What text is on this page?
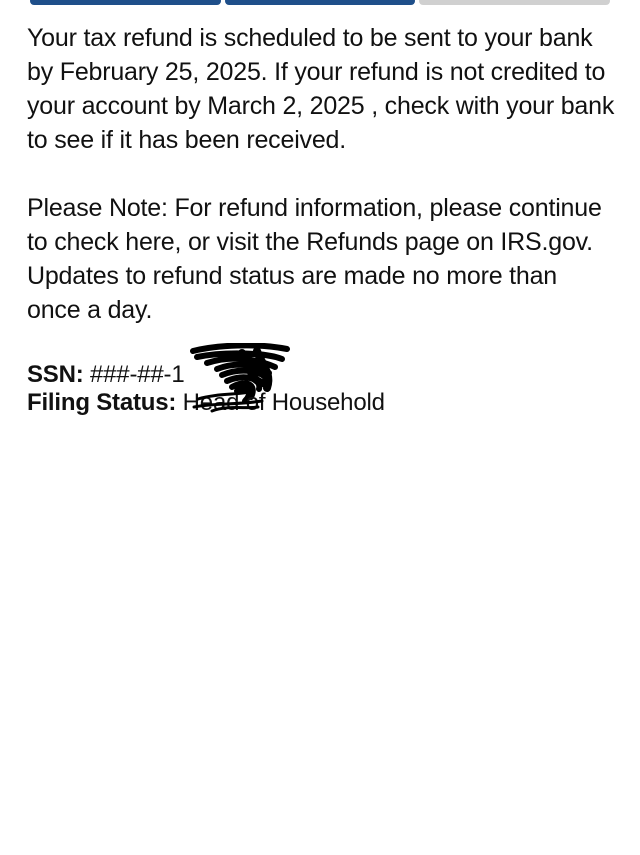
Your tax refund is scheduled to be sent to your bank by February 25, 2025. If your refund is not credited to your account by March 2, 2025 , check with your bank to see if it has been received.

Please Note: For refund information, please continue to check here, or visit the Refunds page on IRS.gov. Updates to refund status are made no more than once a day.

SSN: ###-##-1
Filing Status: Head of Household
